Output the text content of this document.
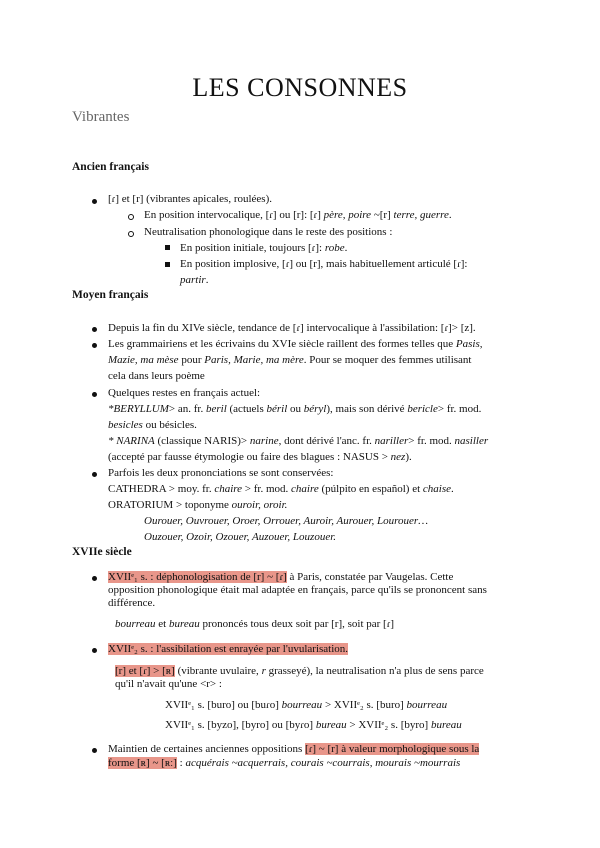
LES CONSONNES
Vibrantes
Ancien français
[ɾ] et [r] (vibrantes apicales, roulées).
En position intervocalique, [ɾ] ou [r]: [ɾ] père, poire ~[r] terre, guerre.
Neutralisation phonologique dans le reste des positions :
En position initiale, toujours [ɾ]: robe.
En position implosive, [ɾ] ou [r], mais habituellement articulé [ɾ]:
partir.
Moyen français
Depuis la fin du XIVe siècle, tendance de [ɾ] intervocalique à l'assibilation: [ɾ]> [z].
Les grammairiens et les écrivains du XVIe siècle raillent des formes telles que Pasis,
Mazie, ma mèse pour Paris, Marie, ma mère. Pour se moquer des femmes utilisant
cela dans leurs poème
Quelques restes en français actuel:
*BERYLLUM> an. fr. beril (actuels béril ou béryl), mais son dérivé bericle> fr. mod.
besicles ou bésicles.
* NARINA (classique NARIS)> narine, dont dérivé l'anc. fr. nariller> fr. mod. nasiller
(accepté par fausse étymologie ou faire des blagues : NASUS > nez).
Parfois les deux prononciations se sont conservées:
CATHEDRA > moy. fr. chaire > fr. mod. chaire (púlpito en español) et chaise.
ORATORIUM > toponyme ouroir, oroir.
Ourouer, Ouvrouer, Oroer, Orrouer, Auroir, Aurouer, Lourouer…
Ouzouer, Ozoir, Ozouer, Auzouer, Louzouer.
XVIIe siècle
XVIIᵉ₁ s. : déphonologisation de [r] ~ [ɾ] à Paris, constatée par Vaugelas. Cette
opposition phonologique était mal adaptée en français, parce qu'ils se prononcent sans
différence.
bourreau et bureau prononcés tous deux soit par [r], soit par [ɾ]
XVIIᵉ₂ s. : l'assibilation est enrayée par l'uvularisation.
[r] et [ɾ] > [ʀ] (vibrante uvulaire, r grasseyé), la neutralisation n'a plus de sens parce
qu'il n'avait qu'une <r> :
XVIIᵉ₁ s. [buro] ou [buɾo] bourreau > XVIIᵉ₂ s. [buro] bourreau
XVIIᵉ₁ s. [byzo], [byro] ou [byɾo] bureau > XVIIᵉ₂ s. [byro] bureau
Maintien de certaines anciennes oppositions [ɾ] ~ [r] à valeur morphologique sous la
forme [ʀ] ~ [ʀː] : acquérais ~acquerrais, courais ~courrais, mourais ~mourrais
